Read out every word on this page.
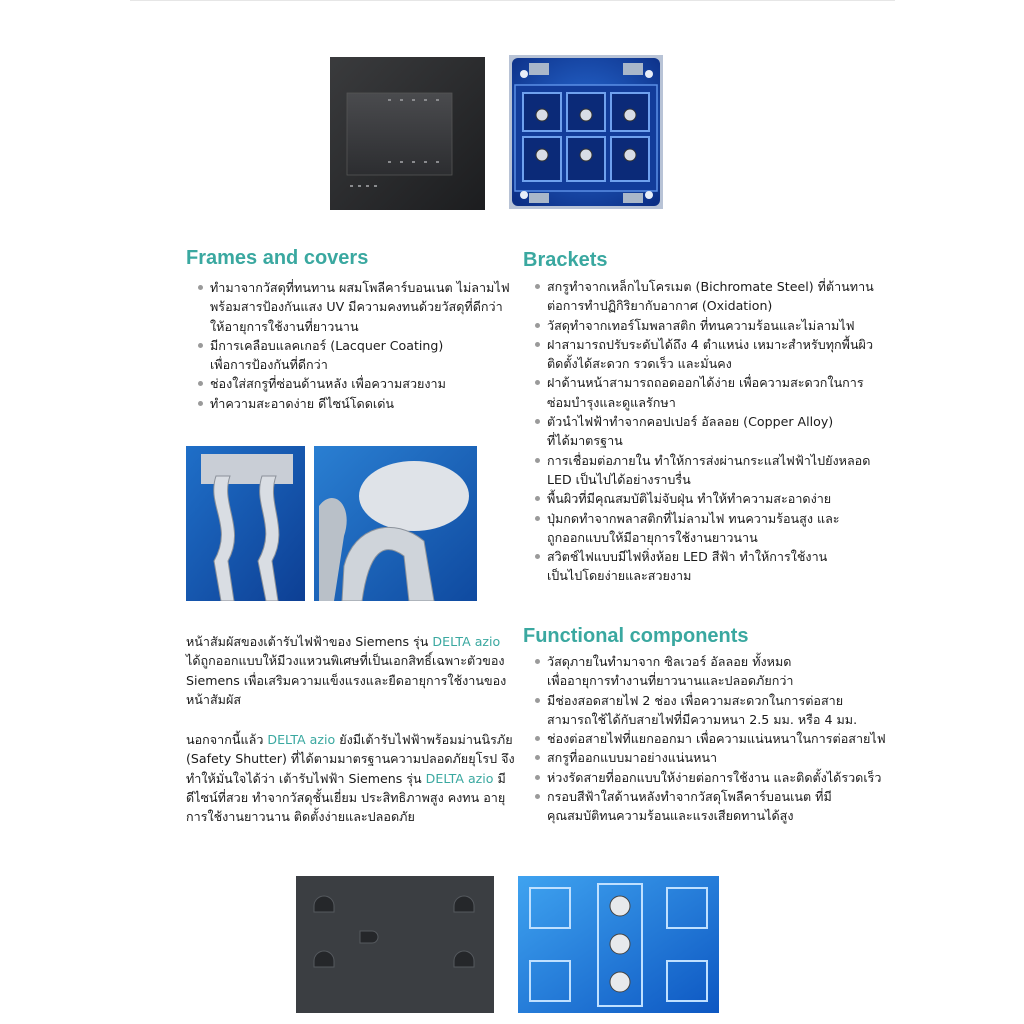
Frames and covers	Brackets
Functional components
ทำมาจากวัสดุที่ทนทาน ผสมโพลีคาร์บอนเนต ไม่ลามไฟ
พร้อมสารป้องกันแสง UV มีความคงทนด้วยวัสดุที่ดีกว่า
ให้อายุการใช้งานที่ยาวนาน
มีการเคลือบแลคเกอร์ (Lacquer Coating)
เพื่อการป้องกันที่ดีกว่า
ช่องใส่สกรูที่ซ่อนด้านหลัง เพื่อความสวยงาม
ทำความสะอาดง่าย ดีไซน์โดดเด่น
สกรูทำจากเหล็กไบโครเมต (Bichromate Steel) ที่ต้านทาน
ต่อการทำปฏิกิริยากับอากาศ (Oxidation)
วัสดุทำจากเทอร์โมพลาสติก ที่ทนความร้อนและไม่ลามไฟ
ฝาสามารถปรับระดับได้ถึง 4 ตำแหน่ง เหมาะสำหรับทุกพื้นผิว
ติดตั้งได้สะดวก รวดเร็ว และมั่นคง
ฝาด้านหน้าสามารถถอดออกได้ง่าย เพื่อความสะดวกในการ
ซ่อมบำรุงและดูแลรักษา
ตัวนำไฟฟ้าทำจากคอปเปอร์ อัลลอย (Copper Alloy)
ที่ได้มาตรฐาน
การเชื่อมต่อภายใน ทำให้การส่งผ่านกระแสไฟฟ้าไปยังหลอด
LED เป็นไปได้อย่างราบรื่น
พื้นผิวที่มีคุณสมบัติไม่จับฝุ่น ทำให้ทำความสะอาดง่าย
ปุ่มกดทำจากพลาสติกที่ไม่ลามไฟ ทนความร้อนสูง และ
ถูกออกแบบให้มีอายุการใช้งานยาวนาน
สวิตช์ไฟแบบมีไฟหิ่งห้อย LED สีฟ้า ทำให้การใช้งาน
เป็นไปโดยง่ายและสวยงาม
วัสดุภายในทำมาจาก ซิลเวอร์ อัลลอย ทั้งหมด
เพื่ออายุการทำงานที่ยาวนานและปลอดภัยกว่า
มีช่องสอดสายไฟ 2 ช่อง เพื่อความสะดวกในการต่อสาย
สามารถใช้ได้กับสายไฟที่มีความหนา 2.5 มม. หรือ 4 มม.
ช่องต่อสายไฟที่แยกออกมา เพื่อความแน่นหนาในการต่อสายไฟ
สกรูที่ออกแบบมาอย่างแน่นหนา
ห่วงรัดสายที่ออกแบบให้ง่ายต่อการใช้งาน และติดตั้งได้รวดเร็ว
กรอบสีฟ้าใสด้านหลังทำจากวัสดุโพลีคาร์บอนเนต ที่มี
คุณสมบัติทนความร้อนและแรงเสียดทานได้สูง

หน้าสัมผัสของเต้ารับไฟฟ้าของ Siemens รุ่น DELTA azio
ได้ถูกออกแบบให้มีวงแหวนพิเศษที่เป็นเอกสิทธิ์เฉพาะตัวของ
Siemens เพื่อเสริมความแข็งแรงและยืดอายุการใช้งานของ
หน้าสัมผัส

นอกจากนี้แล้ว DELTA azio ยังมีเต้ารับไฟฟ้าพร้อมม่านนิรภัย
(Safety Shutter) ที่ได้ตามมาตรฐานความปลอดภัยยุโรป จึง
ทำให้มั่นใจได้ว่า เต้ารับไฟฟ้า Siemens รุ่น DELTA azio มี
ดีไซน์ที่สวย ทำจากวัสดุชั้นเยี่ยม ประสิทธิภาพสูง คงทน อายุ
การใช้งานยาวนาน ติดตั้งง่ายและปลอดภัย
